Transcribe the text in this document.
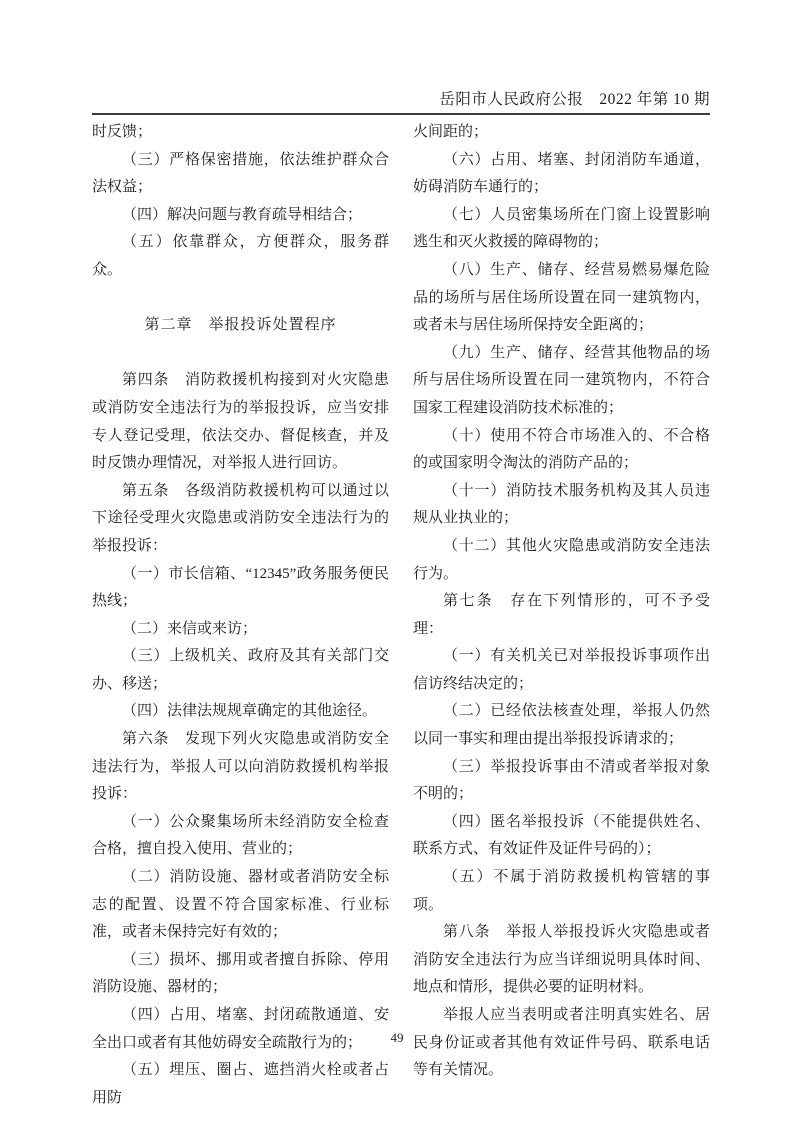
岳阳市人民政府公报　2022 年第 10 期

时反馈；

（三）严格保密措施，依法维护群众合法权益；

（四）解决问题与教育疏导相结合；

（五）依靠群众，方便群众，服务群众。

第二章　举报投诉处置程序

第四条　消防救援机构接到对火灾隐患或消防安全违法行为的举报投诉，应当安排专人登记受理，依法交办、督促核查，并及时反馈办理情况，对举报人进行回访。

第五条　各级消防救援机构可以通过以下途径受理火灾隐患或消防安全违法行为的举报投诉：

（一）市长信箱、“12345”政务服务便民热线；

（二）来信或来访；

（三）上级机关、政府及其有关部门交办、移送；

（四）法律法规规章确定的其他途径。

第六条　发现下列火灾隐患或消防安全违法行为，举报人可以向消防救援机构举报投诉：

（一）公众聚集场所未经消防安全检查合格，擅自投入使用、营业的；

（二）消防设施、器材或者消防安全标志的配置、设置不符合国家标准、行业标准，或者未保持完好有效的；

（三）损坏、挪用或者擅自拆除、停用消防设施、器材的；

（四）占用、堵塞、封闭疏散通道、安全出口或者有其他妨碍安全疏散行为的；

（五）埋压、圈占、遮挡消火栓或者占用防

火间距的；

（六）占用、堵塞、封闭消防车通道，妨碍消防车通行的；

（七）人员密集场所在门窗上设置影响逃生和灭火救援的障碍物的；

（八）生产、储存、经营易燃易爆危险品的场所与居住场所设置在同一建筑物内，或者未与居住场所保持安全距离的；

（九）生产、储存、经营其他物品的场所与居住场所设置在同一建筑物内，不符合国家工程建设消防技术标准的；

（十）使用不符合市场准入的、不合格的或国家明令淘汰的消防产品的；

（十一）消防技术服务机构及其人员违规从业执业的；

（十二）其他火灾隐患或消防安全违法行为。

第七条　存在下列情形的，可不予受理：

（一）有关机关已对举报投诉事项作出信访终结决定的；

（二）已经依法核查处理，举报人仍然以同一事实和理由提出举报投诉请求的；

（三）举报投诉事由不清或者举报对象不明的；

（四）匿名举报投诉（不能提供姓名、联系方式、有效证件及证件号码的）；

（五）不属于消防救援机构管辖的事项。

第八条　举报人举报投诉火灾隐患或者消防安全违法行为应当详细说明具体时间、地点和情形，提供必要的证明材料。

举报人应当表明或者注明真实姓名、居民身份证或者其他有效证件号码、联系电话等有关情况。

49
